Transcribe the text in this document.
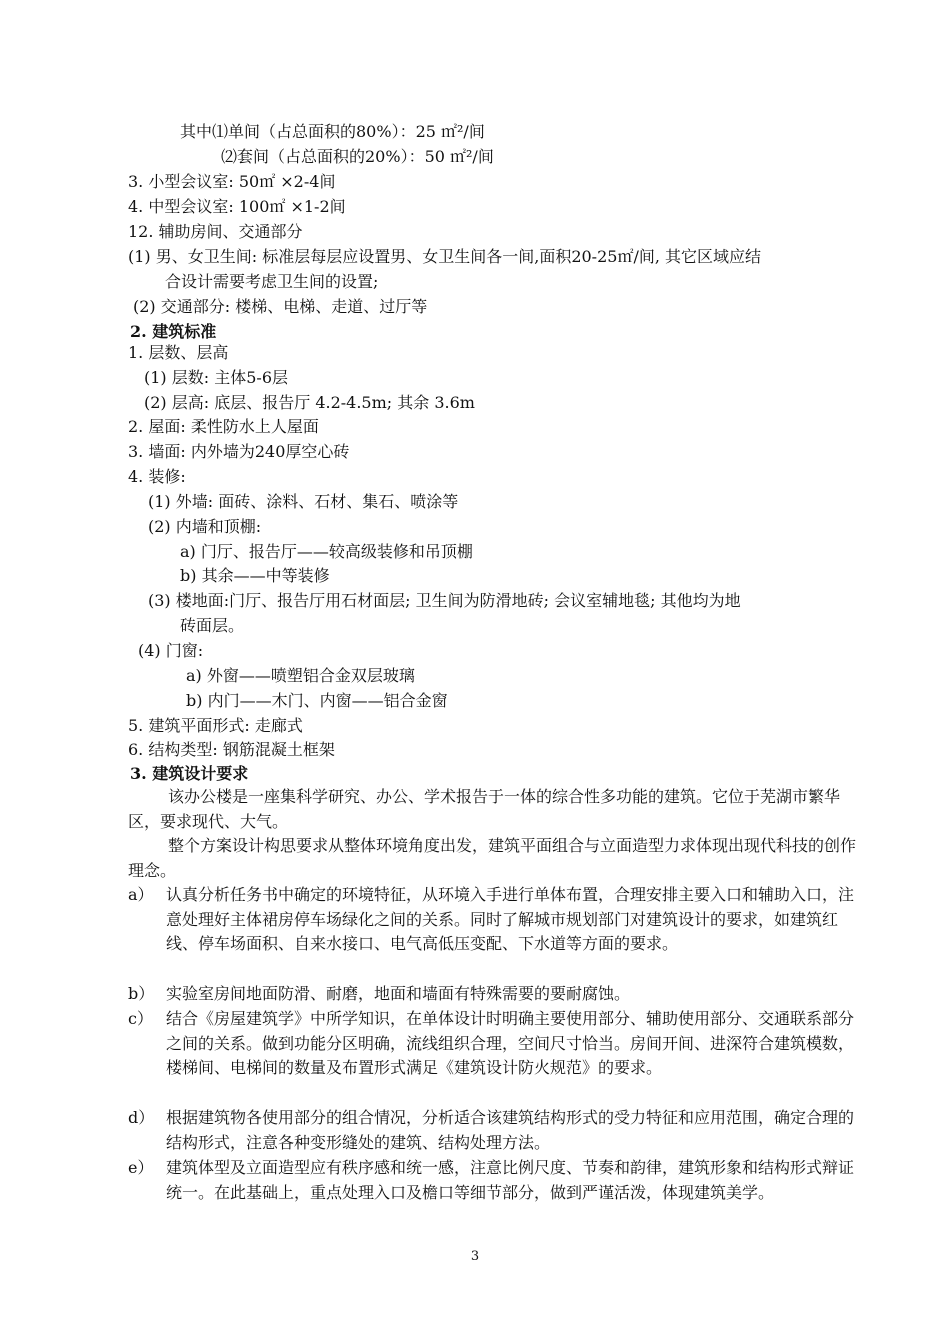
其中⑴单间（占总面积的80%）：25 ㎡²/间
⑵套间（占总面积的20%）：50 ㎡²/间
3. 小型会议室: 50㎡ ×2-4间
4. 中型会议室: 100㎡ ×1-2间
12. 辅助房间、交通部分
(1) 男、女卫生间: 标准层每层应设置男、女卫生间各一间,面积20-25㎡/间, 其它区域应结
合设计需要考虑卫生间的设置;
(2) 交通部分: 楼梯、电梯、走道、过厅等
2. 建筑标准
1. 层数、层高
(1) 层数: 主体5-6层
(2) 层高: 底层、报告厅 4.2-4.5m; 其余 3.6m
2. 屋面: 柔性防水上人屋面
3. 墙面: 内外墙为240厚空心砖
4. 装修:
(1) 外墙: 面砖、涂料、石材、集石、喷涂等
(2) 内墙和顶棚:
a) 门厅、报告厅——较高级装修和吊顶棚
b) 其余——中等装修
(3) 楼地面:门厅、报告厅用石材面层; 卫生间为防滑地砖; 会议室辅地毯; 其他均为地
砖面层。
(4) 门窗:
a) 外窗——喷塑铝合金双层玻璃
b) 内门——木门、内窗——铝合金窗
5. 建筑平面形式: 走廊式
6. 结构类型: 钢筋混凝土框架
3. 建筑设计要求
该办公楼是一座集科学研究、办公、学术报告于一体的综合性多功能的建筑。它位于芜湖市繁华区，要求现代、大气。
整个方案设计构思要求从整体环境角度出发，建筑平面组合与立面造型力求体现出现代科技的创作理念。
a） 认真分析任务书中确定的环境特征，从环境入手进行单体布置，合理安排主要入口和辅助入口，注意处理好主体裙房停车场绿化之间的关系。同时了解城市规划部门对建筑设计的要求，如建筑红线、停车场面积、自来水接口、电气高低压变配、下水道等方面的要求。
b） 实验室房间地面防滑、耐磨，地面和墙面有特殊需要的要耐腐蚀。
c） 结合《房屋建筑学》中所学知识，在单体设计时明确主要使用部分、辅助使用部分、交通联系部分之间的关系。做到功能分区明确，流线组织合理，空间尺寸恰当。房间开间、进深符合建筑模数，楼梯间、电梯间的数量及布置形式满足《建筑设计防火规范》的要求。
d） 根据建筑物各使用部分的组合情况，分析适合该建筑结构形式的受力特征和应用范围，确定合理的结构形式，注意各种变形缝处的建筑、结构处理方法。
e） 建筑体型及立面造型应有秩序感和统一感，注意比例尺度、节奏和韵律，建筑形象和结构形式辩证统一。在此基础上，重点处理入口及檐口等细节部分，做到严谨活泼，体现建筑美学。
3
